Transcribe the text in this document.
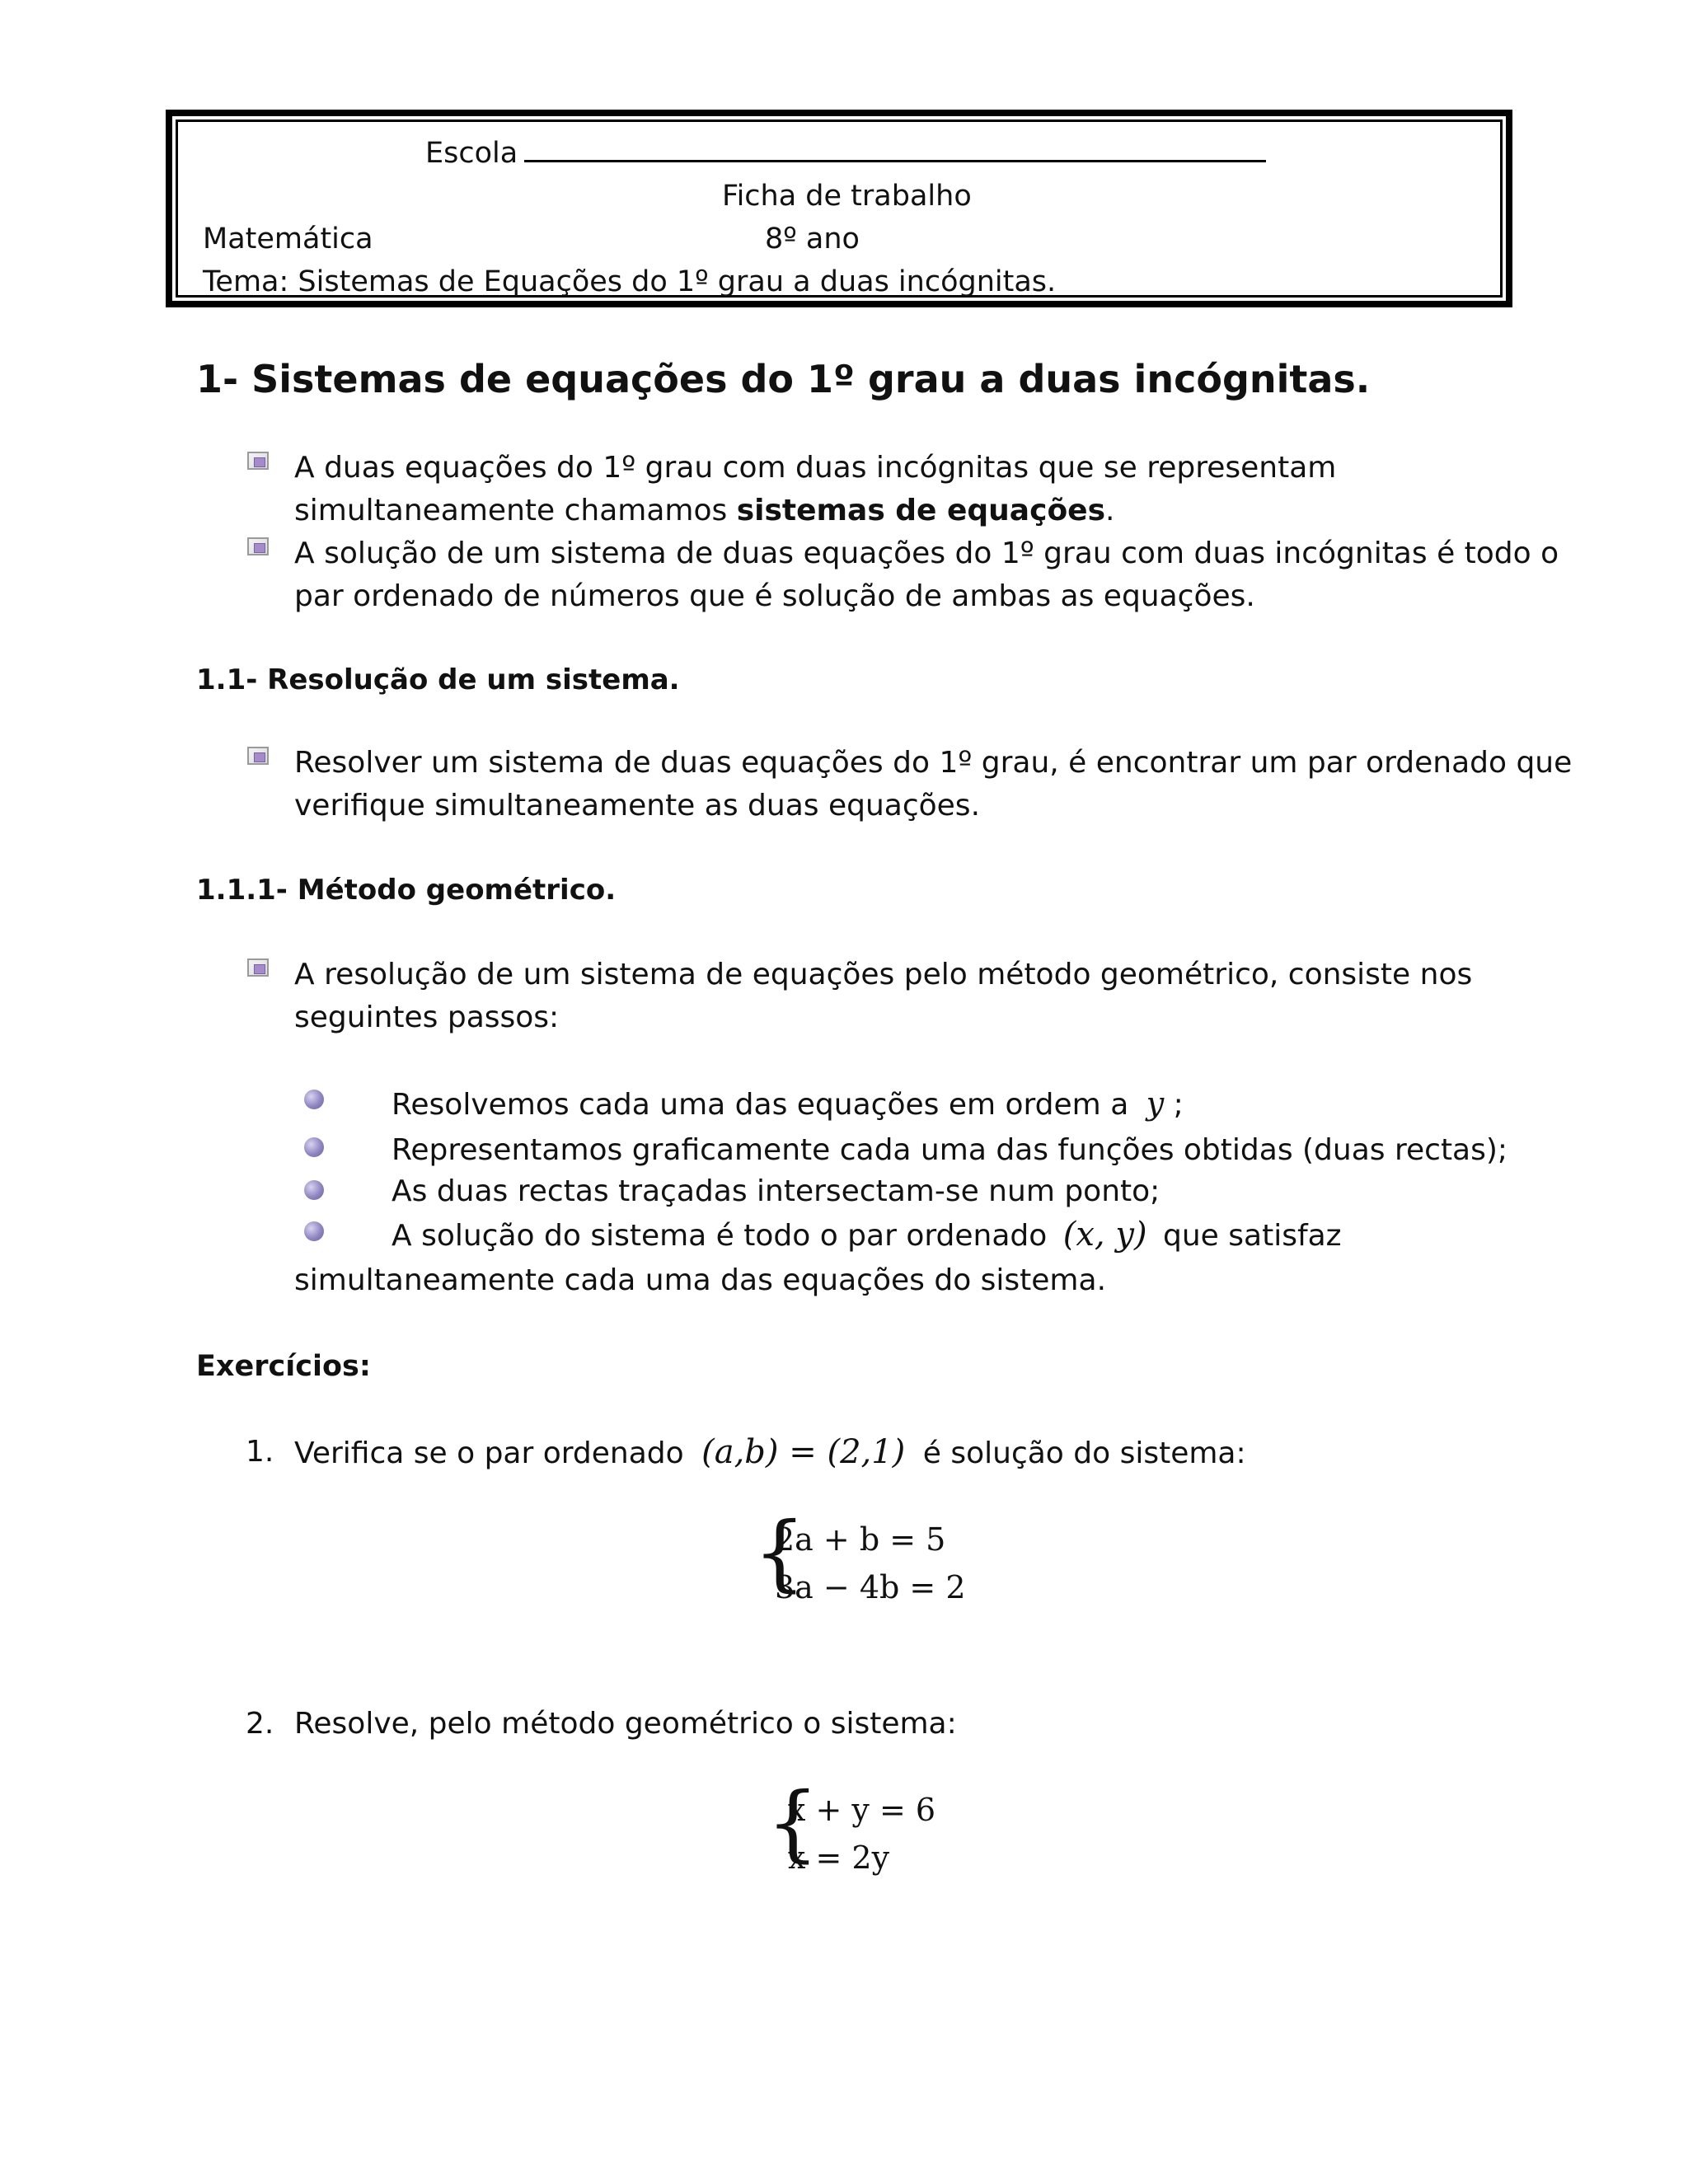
Escola
Ficha de trabalho
Matemática	8º ano
Tema: Sistemas de Equações do 1º grau a duas incógnitas.
1- Sistemas de equações do 1º grau a duas incógnitas.
A duas equações do 1º grau com duas incógnitas que se representam
simultaneamente chamamos sistemas de equações.
A solução de um sistema de duas equações do 1º grau com duas incógnitas é todo o
par ordenado de números que é solução de ambas as equações.
1.1- Resolução de um sistema.
Resolver um sistema de duas equações do 1º grau, é encontrar um par ordenado que
verifique simultaneamente as duas equações.
1.1.1- Método geométrico.
A resolução de um sistema de equações pelo método geométrico, consiste nos
seguintes passos:
Resolvemos cada uma das equações em ordem a y ;
Representamos graficamente cada uma das funções obtidas (duas rectas);
As duas rectas traçadas intersectam-se num ponto;
A solução do sistema é todo o par ordenado (x, y) que satisfaz
simultaneamente cada uma das equações do sistema.
Exercícios:
1. Verifica se o par ordenado (a,b) = (2,1) é solução do sistema:
{
2a + b = 5
3a − 4b = 2
2. Resolve, pelo método geométrico o sistema:
{
x + y = 6
x = 2y
